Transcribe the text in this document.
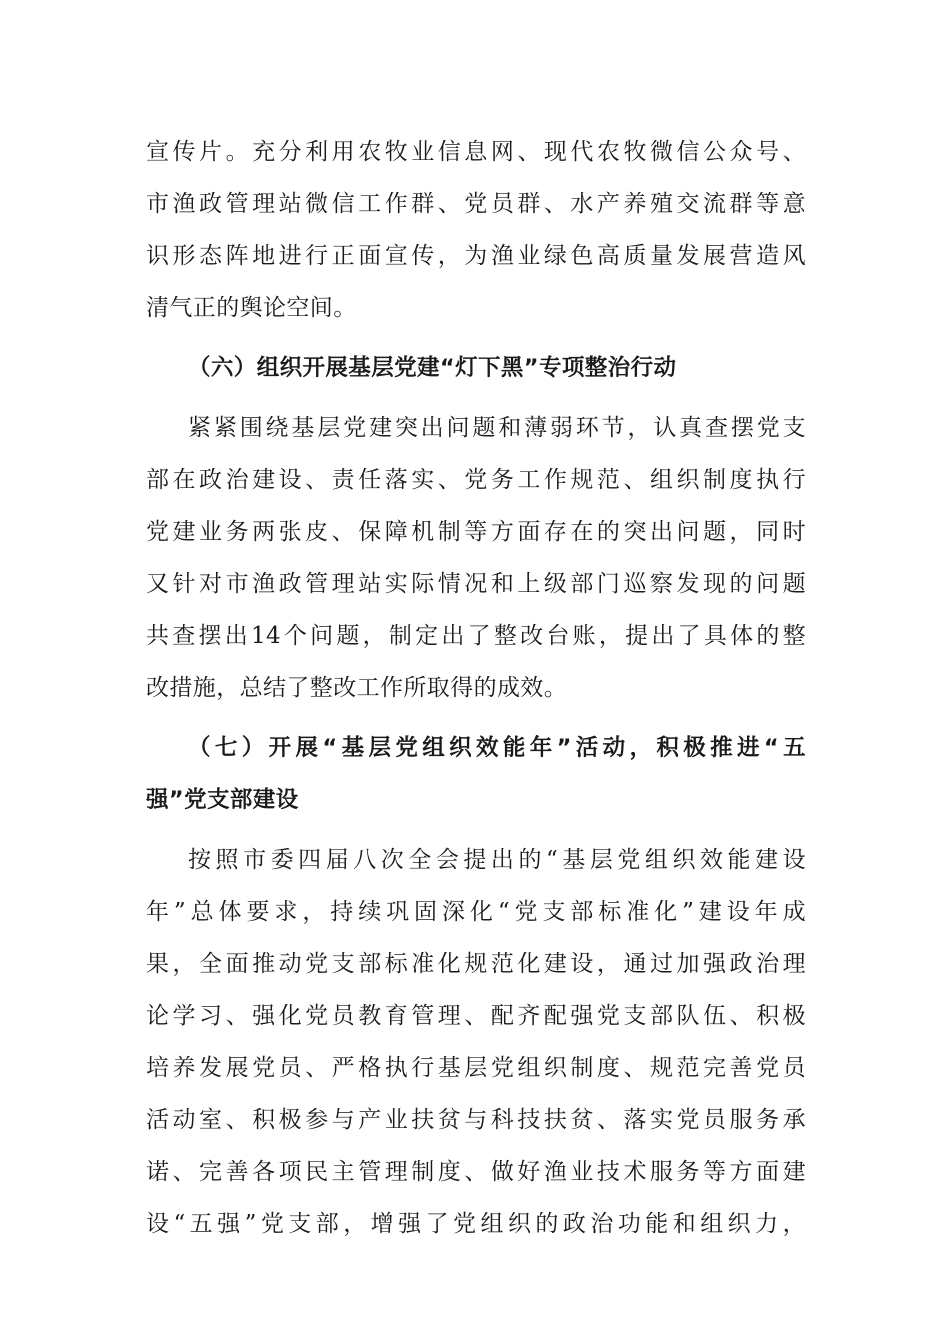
宣传片。充分利用农牧业信息网、现代农牧微信公众号、
市渔政管理站微信工作群、党员群、水产养殖交流群等意
识形态阵地进行正面宣传，为渔业绿色高质量发展营造风
清气正的舆论空间。
（六）组织开展基层党建“灯下黑”专项整治行动
紧紧围绕基层党建突出问题和薄弱环节，认真查摆党支
部在政治建设、责任落实、党务工作规范、组织制度执行
党建业务两张皮、保障机制等方面存在的突出问题，同时
又针对市渔政管理站实际情况和上级部门巡察发现的问题
共查摆出14个问题，制定出了整改台账，提出了具体的整
改措施，总结了整改工作所取得的成效。
（七）开展“基层党组织效能年”活动，积极推进“五
强”党支部建设
按照市委四届八次全会提出的“基层党组织效能建设
年”总体要求，持续巩固深化“党支部标准化”建设年成
果，全面推动党支部标准化规范化建设，通过加强政治理
论学习、强化党员教育管理、配齐配强党支部队伍、积极
培养发展党员、严格执行基层党组织制度、规范完善党员
活动室、积极参与产业扶贫与科技扶贫、落实党员服务承
诺、完善各项民主管理制度、做好渔业技术服务等方面建
设“五强”党支部，增强了党组织的政治功能和组织力，
